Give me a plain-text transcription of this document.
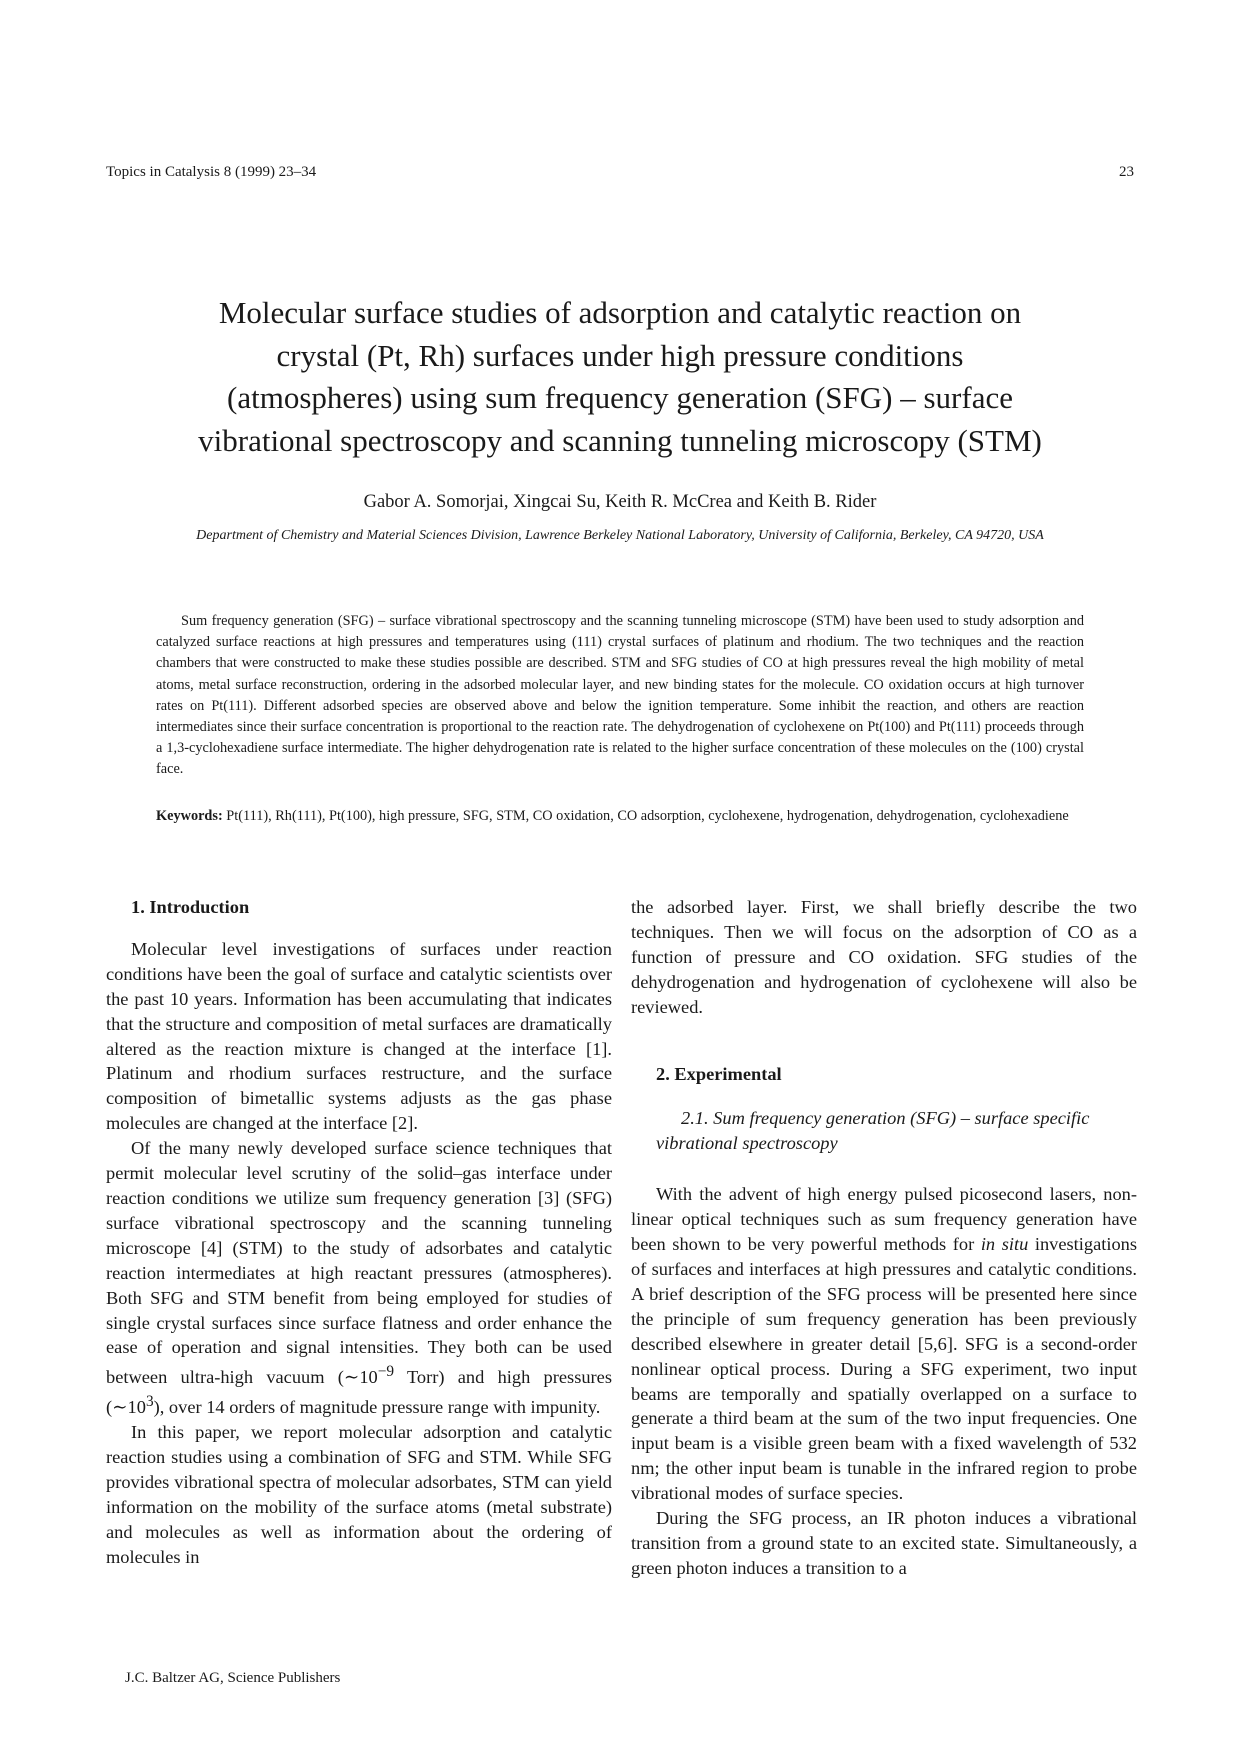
Topics in Catalysis 8 (1999) 23–34	23
Molecular surface studies of adsorption and catalytic reaction on
crystal (Pt, Rh) surfaces under high pressure conditions
(atmospheres) using sum frequency generation (SFG) – surface
vibrational spectroscopy and scanning tunneling microscopy (STM)
Gabor A. Somorjai, Xingcai Su, Keith R. McCrea and Keith B. Rider
Department of Chemistry and Material Sciences Division, Lawrence Berkeley National Laboratory, University of California, Berkeley, CA 94720, USA

Sum frequency generation (SFG) – surface vibrational spectroscopy and the scanning tunneling microscope (STM) have been used to study adsorption and catalyzed surface reactions at high pressures and temperatures using (111) crystal surfaces of platinum and rhodium. The two techniques and the reaction chambers that were constructed to make these studies possible are described. STM and SFG studies of CO at high pressures reveal the high mobility of metal atoms, metal surface reconstruction, ordering in the adsorbed molecular layer, and new binding states for the molecule. CO oxidation occurs at high turnover rates on Pt(111). Different adsorbed species are observed above and below the ignition temperature. Some inhibit the reaction, and others are reaction intermediates since their surface concentration is proportional to the reaction rate. The dehydrogenation of cyclohexene on Pt(100) and Pt(111) proceeds through a 1,3-cyclohexadiene surface intermediate. The higher dehydrogenation rate is related to the higher surface concentration of these molecules on the (100) crystal face.

Keywords: Pt(111), Rh(111), Pt(100), high pressure, SFG, STM, CO oxidation, CO adsorption, cyclohexene, hydrogenation, dehydrogenation, cyclohexadiene

1. Introduction

Molecular level investigations of surfaces under reaction conditions have been the goal of surface and catalytic scientists over the past 10 years. Information has been accumulating that indicates that the structure and composition of metal surfaces are dramatically altered as the reaction mixture is changed at the interface [1]. Platinum and rhodium surfaces restructure, and the surface composition of bimetallic systems adjusts as the gas phase molecules are changed at the interface [2].

Of the many newly developed surface science techniques that permit molecular level scrutiny of the solid–gas interface under reaction conditions we utilize sum frequency generation [3] (SFG) surface vibrational spectroscopy and the scanning tunneling microscope [4] (STM) to the study of adsorbates and catalytic reaction intermediates at high reactant pressures (atmospheres). Both SFG and STM benefit from being employed for studies of single crystal surfaces since surface flatness and order enhance the ease of operation and signal intensities. They both can be used between ultra-high vacuum ($\sim 10^{-9}$ Torr) and high pressures $(\sim 10^3)$, over 14 orders of magnitude pressure range with impunity.

In this paper, we report molecular adsorption and catalytic reaction studies using a combination of SFG and STM. While SFG provides vibrational spectra of molecular adsorbates, STM can yield information on the mobility of the surface atoms (metal substrate) and molecules as well as information about the ordering of molecules in

the adsorbed layer. First, we shall briefly describe the two techniques. Then we will focus on the adsorption of CO as a function of pressure and CO oxidation. SFG studies of the dehydrogenation and hydrogenation of cyclohexene will also be reviewed.

2. Experimental

2.1. Sum frequency generation (SFG) – surface specific vibrational spectroscopy

With the advent of high energy pulsed picosecond lasers, non-linear optical techniques such as sum frequency generation have been shown to be very powerful methods for in situ investigations of surfaces and interfaces at high pressures and catalytic conditions. A brief description of the SFG process will be presented here since the principle of sum frequency generation has been previously described elsewhere in greater detail [5,6]. SFG is a second-order nonlinear optical process. During a SFG experiment, two input beams are temporally and spatially overlapped on a surface to generate a third beam at the sum of the two input frequencies. One input beam is a visible green beam with a fixed wavelength of 532 nm; the other input beam is tunable in the infrared region to probe vibrational modes of surface species.

During the SFG process, an IR photon induces a vibrational transition from a ground state to an excited state. Simultaneously, a green photon induces a transition to a

J.C. Baltzer AG, Science Publishers
